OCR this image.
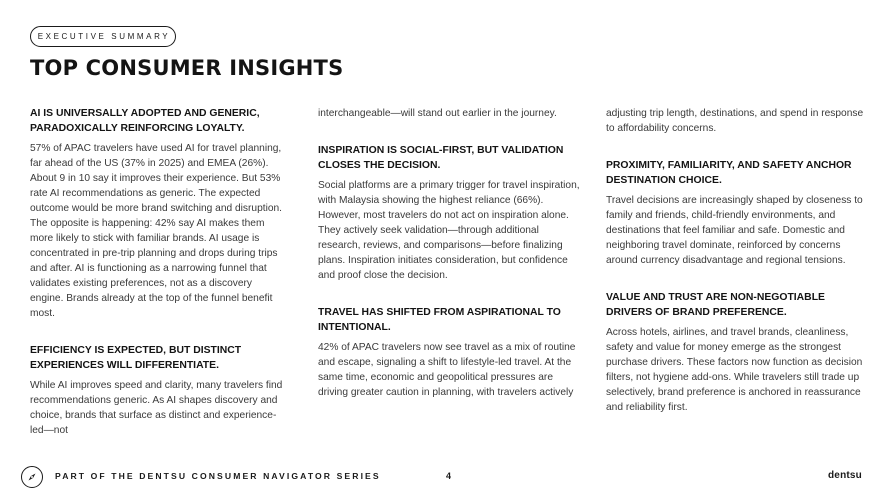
EXECUTIVE SUMMARY
TOP CONSUMER INSIGHTS
AI IS UNIVERSALLY ADOPTED AND GENERIC, PARADOXICALLY REINFORCING LOYALTY.
57% of APAC travelers have used AI for travel planning, far ahead of the US (37% in 2025) and EMEA (26%). About 9 in 10 say it improves their experience. But 53% rate AI recommendations as generic. The expected outcome would be more brand switching and disruption. The opposite is happening: 42% say AI makes them more likely to stick with familiar brands. AI usage is concentrated in pre-trip planning and drops during trips and after. AI is functioning as a narrowing funnel that validates existing preferences, not as a discovery engine. Brands already at the top of the funnel benefit most.
EFFICIENCY IS EXPECTED, BUT DISTINCT EXPERIENCES WILL DIFFERENTIATE.
While AI improves speed and clarity, many travelers find recommendations generic. As AI shapes discovery and choice, brands that surface as distinct and experience-led—not
interchangeable—will stand out earlier in the journey.
INSPIRATION IS SOCIAL-FIRST, BUT VALIDATION CLOSES THE DECISION.
Social platforms are a primary trigger for travel inspiration, with Malaysia showing the highest reliance (66%). However, most travelers do not act on inspiration alone. They actively seek validation—through additional research, reviews, and comparisons—before finalizing plans. Inspiration initiates consideration, but confidence and proof close the decision.
TRAVEL HAS SHIFTED FROM ASPIRATIONAL TO INTENTIONAL.
42% of APAC travelers now see travel as a mix of routine and escape, signaling a shift to lifestyle-led travel. At the same time, economic and geopolitical pressures are driving greater caution in planning, with travelers actively
adjusting trip length, destinations, and spend in response to affordability concerns.
PROXIMITY, FAMILIARITY, AND SAFETY ANCHOR DESTINATION CHOICE.
Travel decisions are increasingly shaped by closeness to family and friends, child-friendly environments, and destinations that feel familiar and safe. Domestic and neighboring travel dominate, reinforced by concerns around currency disadvantage and regional tensions.
VALUE AND TRUST ARE NON-NEGOTIABLE DRIVERS OF BRAND PREFERENCE.
Across hotels, airlines, and travel brands, cleanliness, safety and value for money emerge as the strongest purchase drivers. These factors now function as decision filters, not hygiene add-ons. While travelers still trade up selectively, brand preference is anchored in reassurance and reliability first.
PART OF THE DENTSU CONSUMER NAVIGATOR SERIES	4	dentsu
